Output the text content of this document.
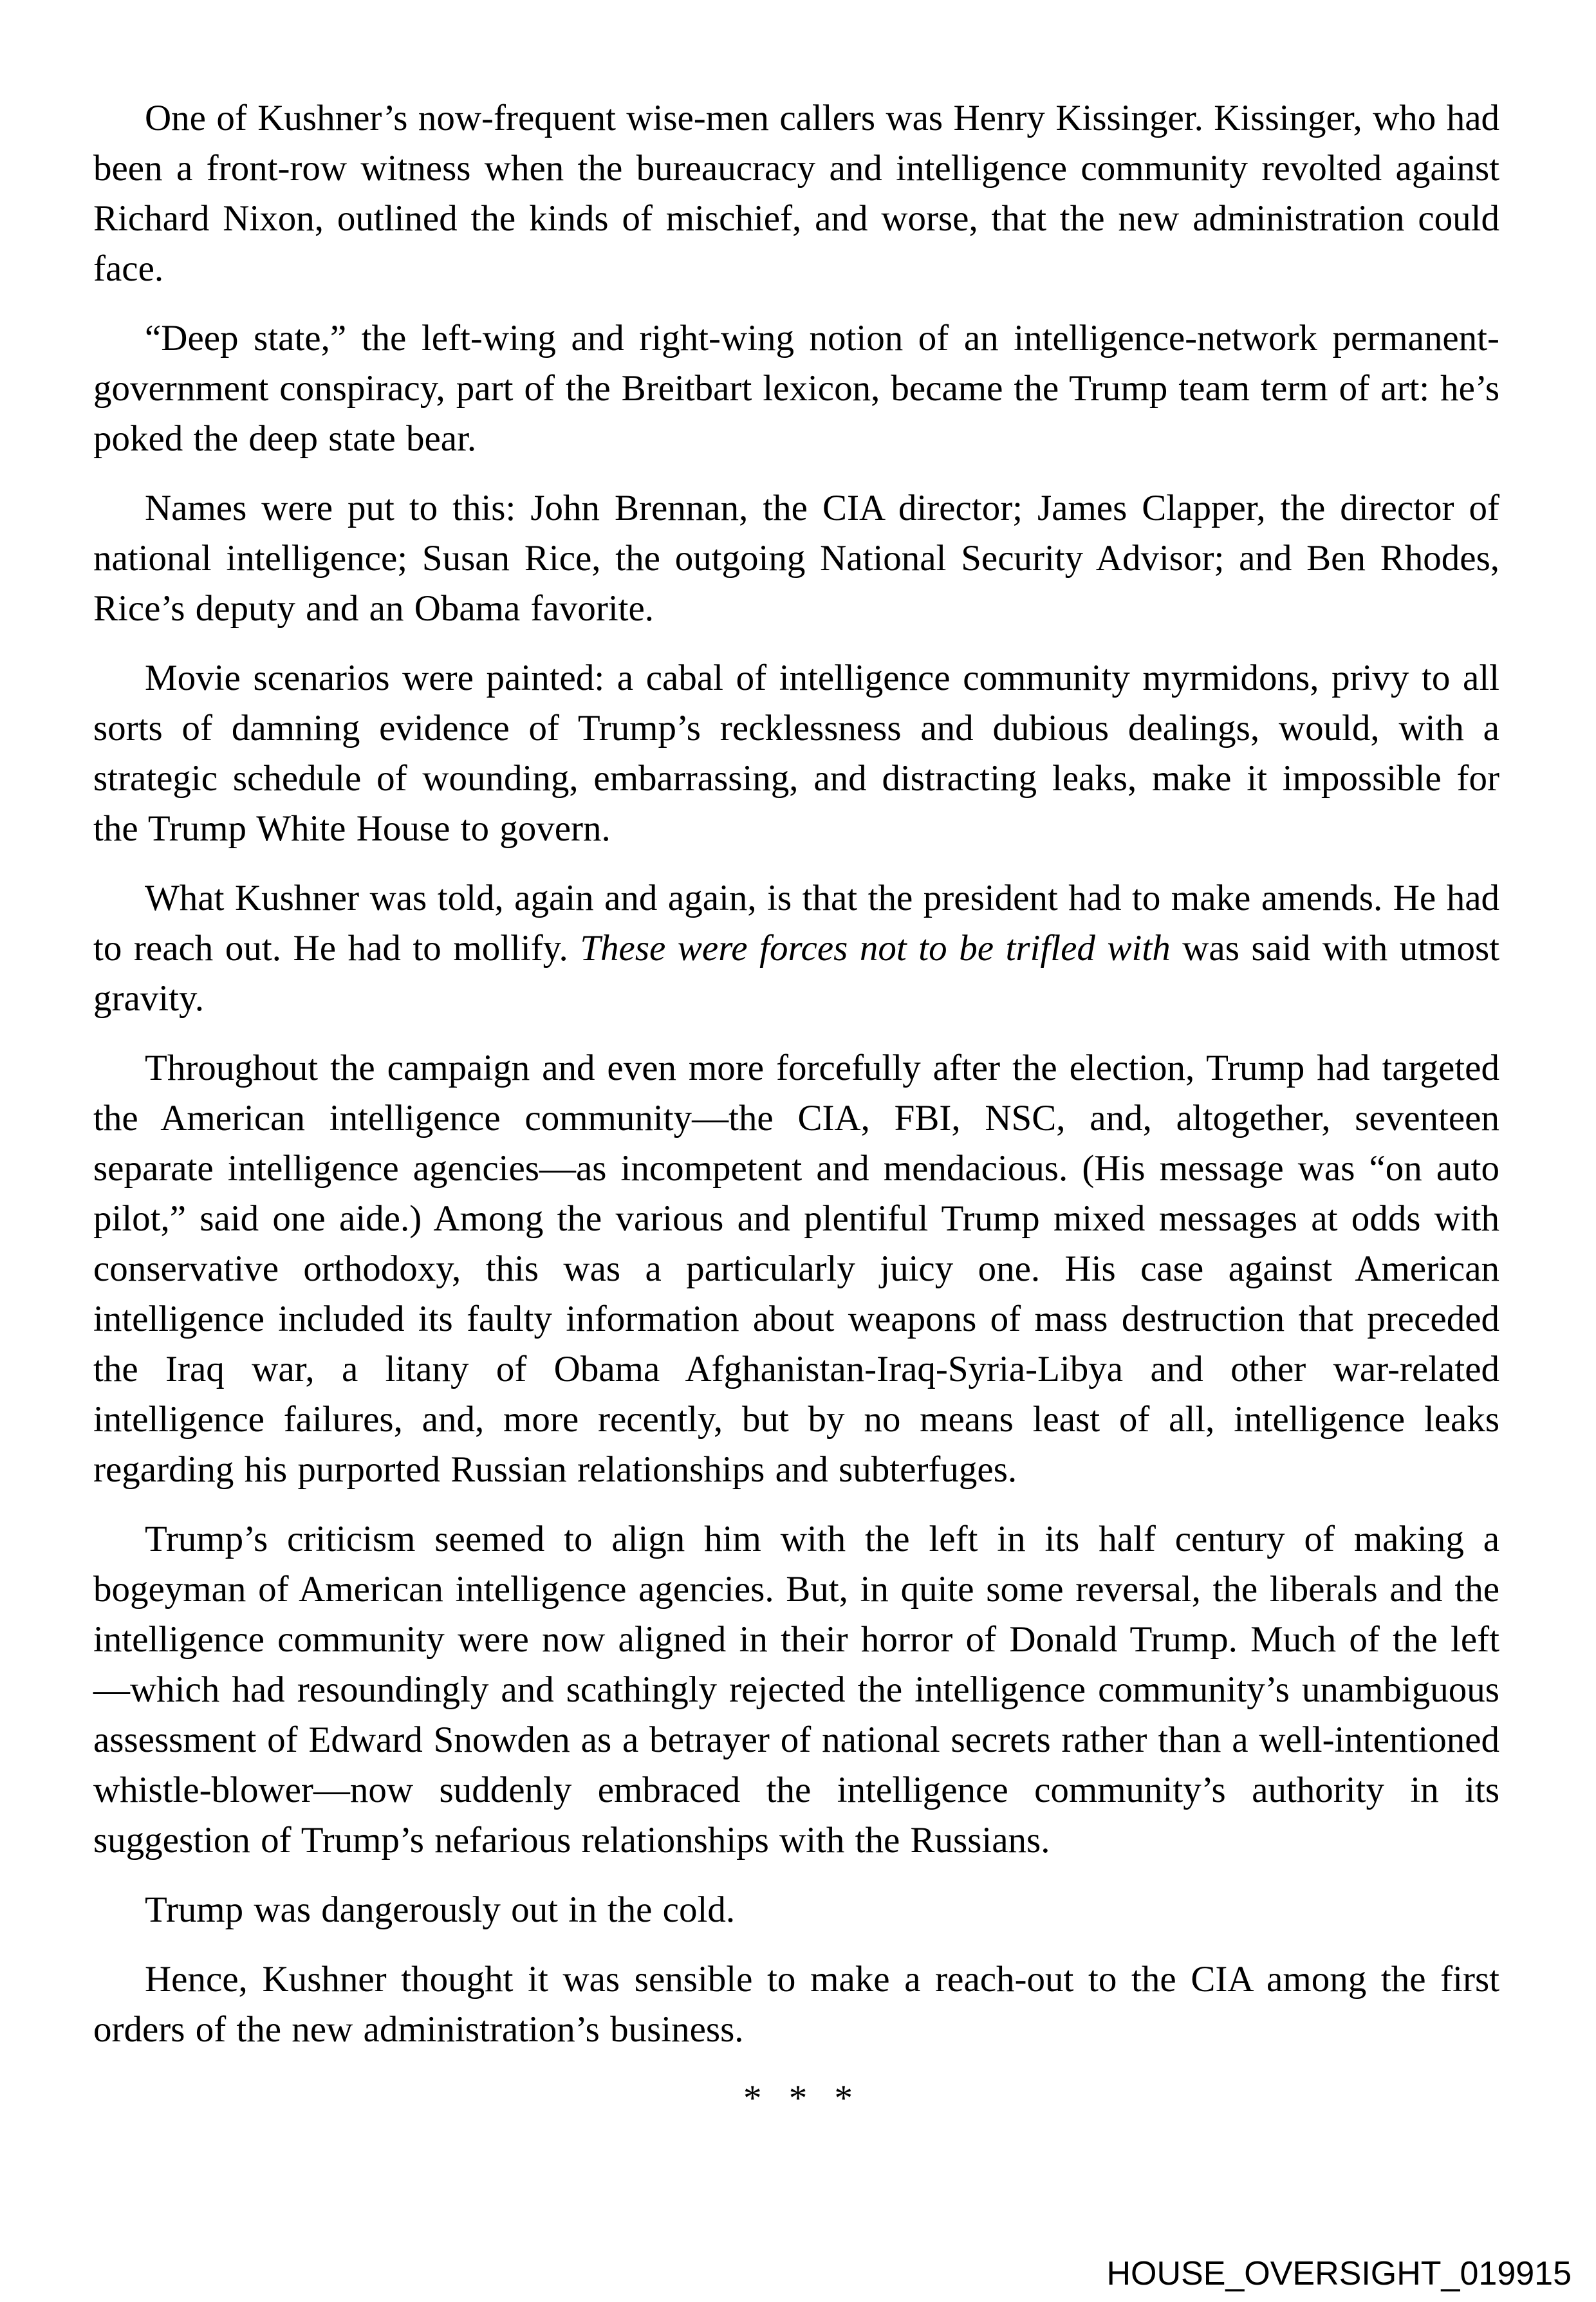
One of Kushner’s now-frequent wise-men callers was Henry Kissinger. Kissinger, who had been a front-row witness when the bureaucracy and intelligence community revolted against Richard Nixon, outlined the kinds of mischief, and worse, that the new administration could face.

“Deep state,” the left-wing and right-wing notion of an intelligence-network permanent-government conspiracy, part of the Breitbart lexicon, became the Trump team term of art: he’s poked the deep state bear.

Names were put to this: John Brennan, the CIA director; James Clapper, the director of national intelligence; Susan Rice, the outgoing National Security Advisor; and Ben Rhodes, Rice’s deputy and an Obama favorite.

Movie scenarios were painted: a cabal of intelligence community myrmidons, privy to all sorts of damning evidence of Trump’s recklessness and dubious dealings, would, with a strategic schedule of wounding, embarrassing, and distracting leaks, make it impossible for the Trump White House to govern.

What Kushner was told, again and again, is that the president had to make amends. He had to reach out. He had to mollify. These were forces not to be trifled with was said with utmost gravity.

Throughout the campaign and even more forcefully after the election, Trump had targeted the American intelligence community—the CIA, FBI, NSC, and, altogether, seventeen separate intelligence agencies—as incompetent and mendacious. (His message was “on auto pilot,” said one aide.) Among the various and plentiful Trump mixed messages at odds with conservative orthodoxy, this was a particularly juicy one. His case against American intelligence included its faulty information about weapons of mass destruction that preceded the Iraq war, a litany of Obama Afghanistan-Iraq-Syria-Libya and other war-related intelligence failures, and, more recently, but by no means least of all, intelligence leaks regarding his purported Russian relationships and subterfuges.

Trump’s criticism seemed to align him with the left in its half century of making a bogeyman of American intelligence agencies. But, in quite some reversal, the liberals and the intelligence community were now aligned in their horror of Donald Trump. Much of the left—which had resoundingly and scathingly rejected the intelligence community’s unambiguous assessment of Edward Snowden as a betrayer of national secrets rather than a well-intentioned whistle-blower—now suddenly embraced the intelligence community’s authority in its suggestion of Trump’s nefarious relationships with the Russians.

Trump was dangerously out in the cold.

Hence, Kushner thought it was sensible to make a reach-out to the CIA among the first orders of the new administration’s business.

* * *
HOUSE_OVERSIGHT_019915
